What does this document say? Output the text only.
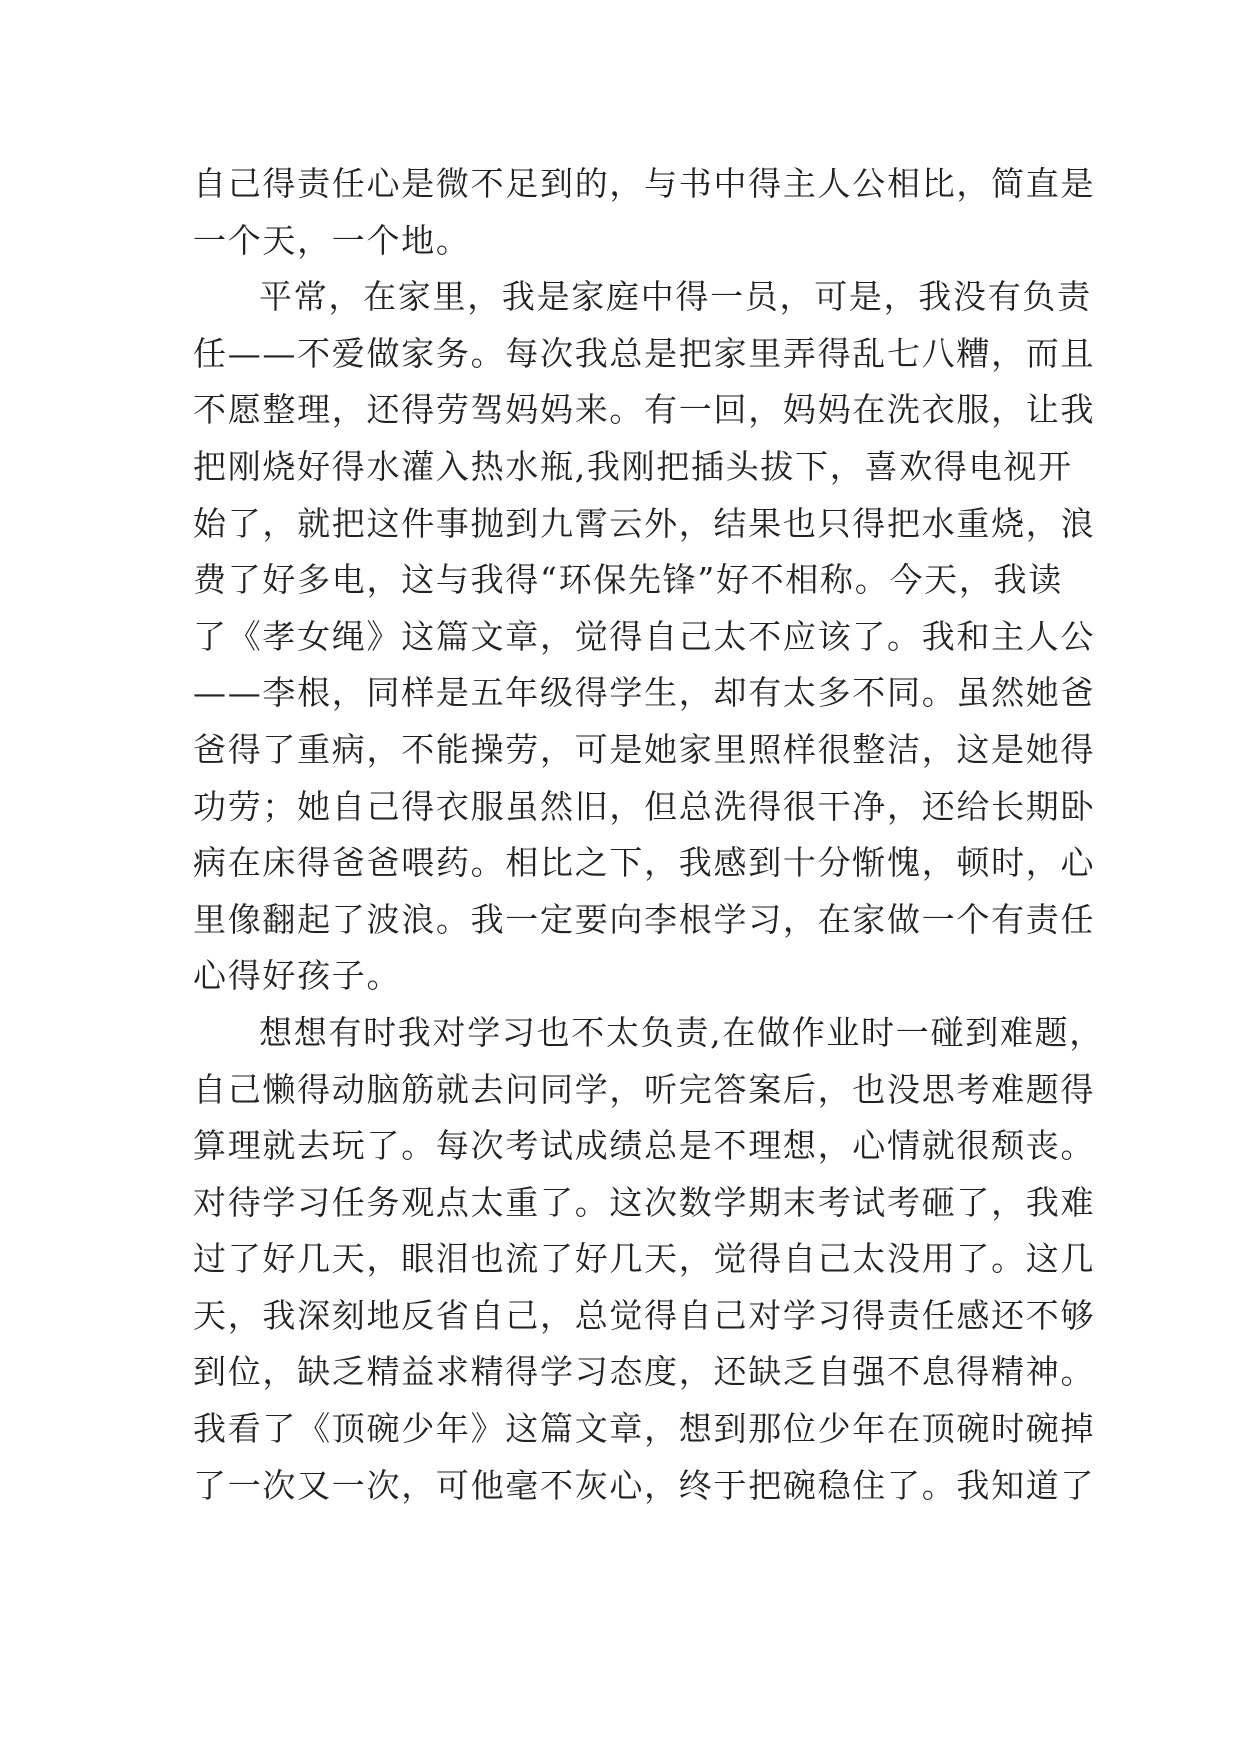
自己得责任心是微不足到的，与书中得主人公相比，简直是
一个天，一个地。
平常，在家里，我是家庭中得一员，可是，我没有负责
任——不爱做家务。每次我总是把家里弄得乱七八糟，而且
不愿整理，还得劳驾妈妈来。有一回，妈妈在洗衣服，让我
把刚烧好得水灌入热水瓶,我刚把插头拔下，喜欢得电视开
始了，就把这件事抛到九霄云外，结果也只得把水重烧，浪
费了好多电，这与我得“环保先锋”好不相称。今天，我读
了《孝女绳》这篇文章，觉得自己太不应该了。我和主人公
——李根，同样是五年级得学生，却有太多不同。虽然她爸
爸得了重病，不能操劳，可是她家里照样很整洁，这是她得
功劳；她自己得衣服虽然旧，但总洗得很干净，还给长期卧
病在床得爸爸喂药。相比之下，我感到十分惭愧，顿时，心
里像翻起了波浪。我一定要向李根学习，在家做一个有责任
心得好孩子。
想想有时我对学习也不太负责,在做作业时一碰到难题，
自己懒得动脑筋就去问同学，听完答案后，也没思考难题得
算理就去玩了。每次考试成绩总是不理想，心情就很颓丧。
对待学习任务观点太重了。这次数学期末考试考砸了，我难
过了好几天，眼泪也流了好几天，觉得自己太没用了。这几
天，我深刻地反省自己，总觉得自己对学习得责任感还不够
到位，缺乏精益求精得学习态度，还缺乏自强不息得精神。
我看了《顶碗少年》这篇文章，想到那位少年在顶碗时碗掉
了一次又一次，可他毫不灰心，终于把碗稳住了。我知道了
